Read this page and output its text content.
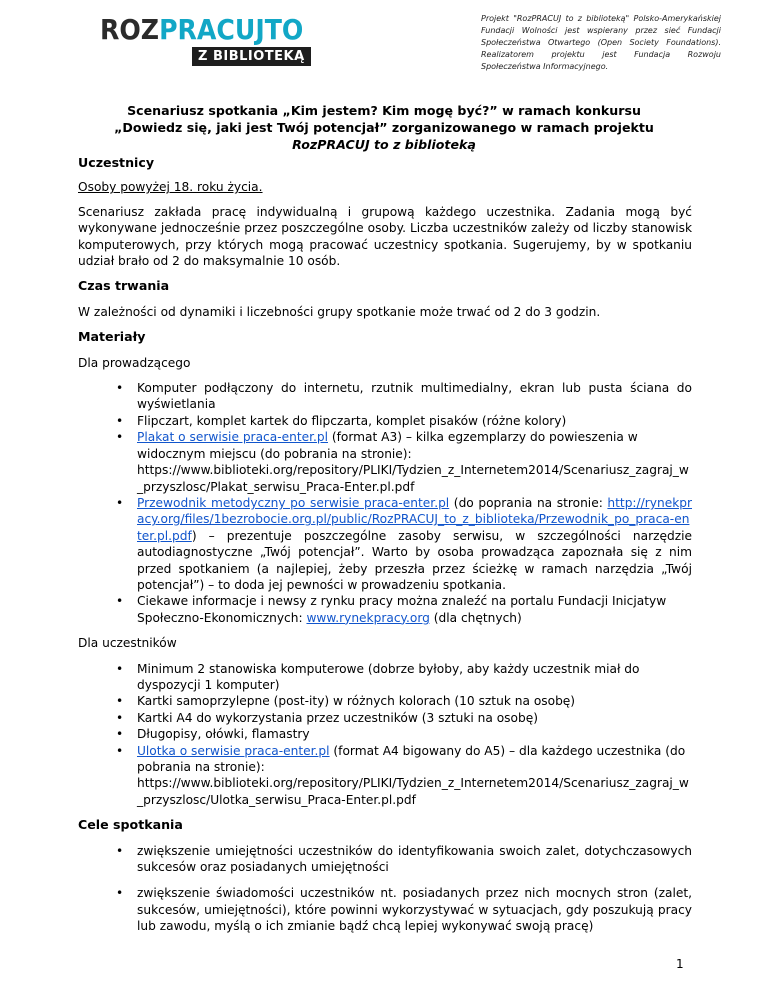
ROZPRACUJTO
Z BIBLIOTEKĄ
Projekt "RozPRACUJ to z biblioteką" Polsko-Amerykańskiej Fundacji Wolności jest wspierany przez sieć Fundacji Społeczeństwa Otwartego (Open Society Foundations). Realizatorem projektu jest Fundacja Rozwoju Społeczeństwa Informacyjnego.
Scenariusz spotkania „Kim jestem? Kim mogę być?” w ramach konkursu
„Dowiedz się, jaki jest Twój potencjał” zorganizowanego w ramach projektu
RozPRACUJ to z biblioteką
Uczestnicy

Osoby powyżej 18. roku życia.

Scenariusz zakłada pracę indywidualną i grupową każdego uczestnika. Zadania mogą być wykonywane jednocześnie przez poszczególne osoby. Liczba uczestników zależy od liczby stanowisk komputerowych, przy których mogą pracować uczestnicy spotkania. Sugerujemy, by w spotkaniu udział brało od 2 do maksymalnie 10 osób.

Czas trwania

W zależności od dynamiki i liczebności grupy spotkanie może trwać od 2 do 3 godzin.

Materiały

Dla prowadzącego

• Komputer podłączony do internetu, rzutnik multimedialny, ekran lub pusta ściana do wyświetlania
• Flipczart, komplet kartek do flipczarta, komplet pisaków (różne kolory)
• Plakat o serwisie praca-enter.pl (format A3) – kilka egzemplarzy do powieszenia w widocznym miejscu (do pobrania na stronie):
https://www.biblioteki.org/repository/PLIKI/Tydzien_z_Internetem2014/Scenariusz_zagraj_w_przyszlosc/Plakat_serwisu_Praca-Enter.pl.pdf
• Przewodnik metodyczny po serwisie praca-enter.pl (do poprania na stronie: http://rynekpracy.org/files/1bezrobocie.org.pl/public/RozPRACUJ_to_z_biblioteka/Przewodnik_po_praca-enter.pl.pdf) – prezentuje poszczególne zasoby serwisu, w szczególności narzędzie autodiagnostyczne „Twój potencjał”. Warto by osoba prowadząca zapoznała się z nim przed spotkaniem (a najlepiej, żeby przeszła przez ścieżkę w ramach narzędzia „Twój potencjał”) – to doda jej pewności w prowadzeniu spotkania.
• Ciekawe informacje i newsy z rynku pracy można znaleźć na portalu Fundacji Inicjatyw Społeczno-Ekonomicznych: www.rynekpracy.org (dla chętnych)

Dla uczestników

• Minimum 2 stanowiska komputerowe (dobrze byłoby, aby każdy uczestnik miał do dyspozycji 1 komputer)
• Kartki samoprzylepne (post-ity) w różnych kolorach (10 sztuk na osobę)
• Kartki A4 do wykorzystania przez uczestników (3 sztuki na osobę)
• Długopisy, ołówki, flamastry
• Ulotka o serwisie praca-enter.pl (format A4 bigowany do A5) – dla każdego uczestnika (do pobrania na stronie):
https://www.biblioteki.org/repository/PLIKI/Tydzien_z_Internetem2014/Scenariusz_zagraj_w_przyszlosc/Ulotka_serwisu_Praca-Enter.pl.pdf
Cele spotkania
• zwiększenie umiejętności uczestników do identyfikowania swoich zalet, dotychczasowych sukcesów oraz posiadanych umiejętności
• zwiększenie świadomości uczestników nt. posiadanych przez nich mocnych stron (zalet, sukcesów, umiejętności), które powinni wykorzystywać w sytuacjach, gdy poszukują pracy lub zawodu, myślą o ich zmianie bądź chcą lepiej wykonywać swoją pracę)
1
